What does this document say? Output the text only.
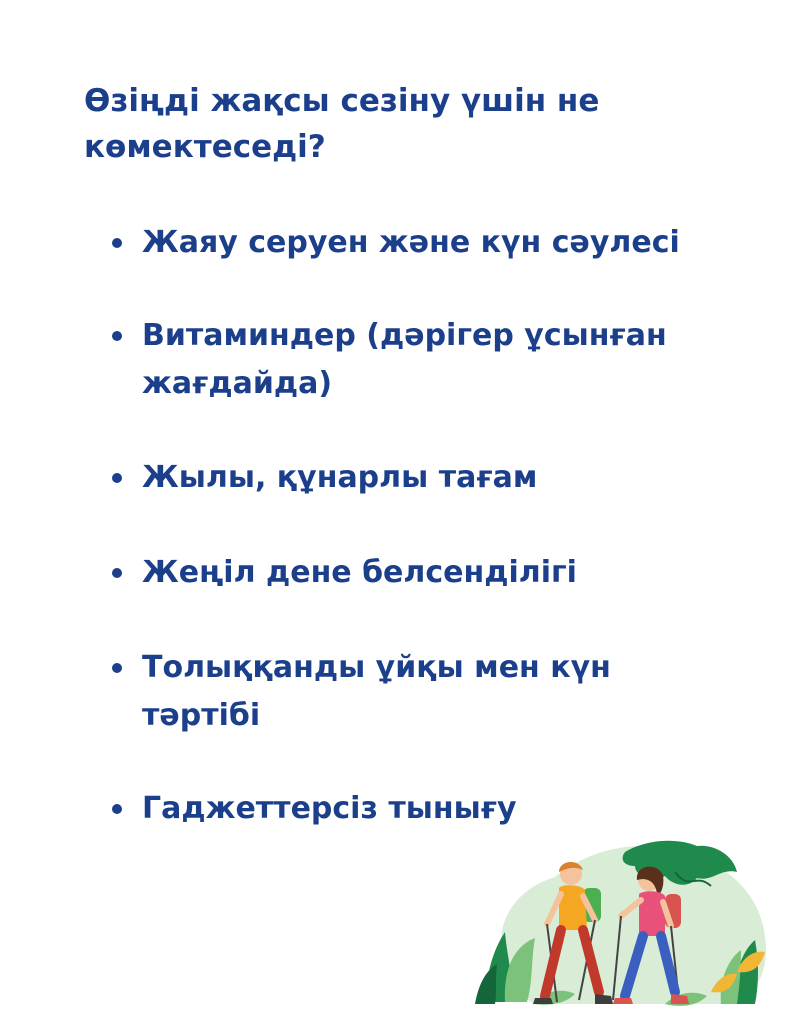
Өзіңді жақсы сезіну үшін не
көмектеседі?
Жаяу серуен және күн сәулесі
Витаминдер (дәрігер ұсынған
жағдайда)
Жылы, құнарлы тағам
Жеңіл дене белсенділігі
Толыққанды ұйқы мен күн
тәртібі
Гаджеттерсіз тынығу
